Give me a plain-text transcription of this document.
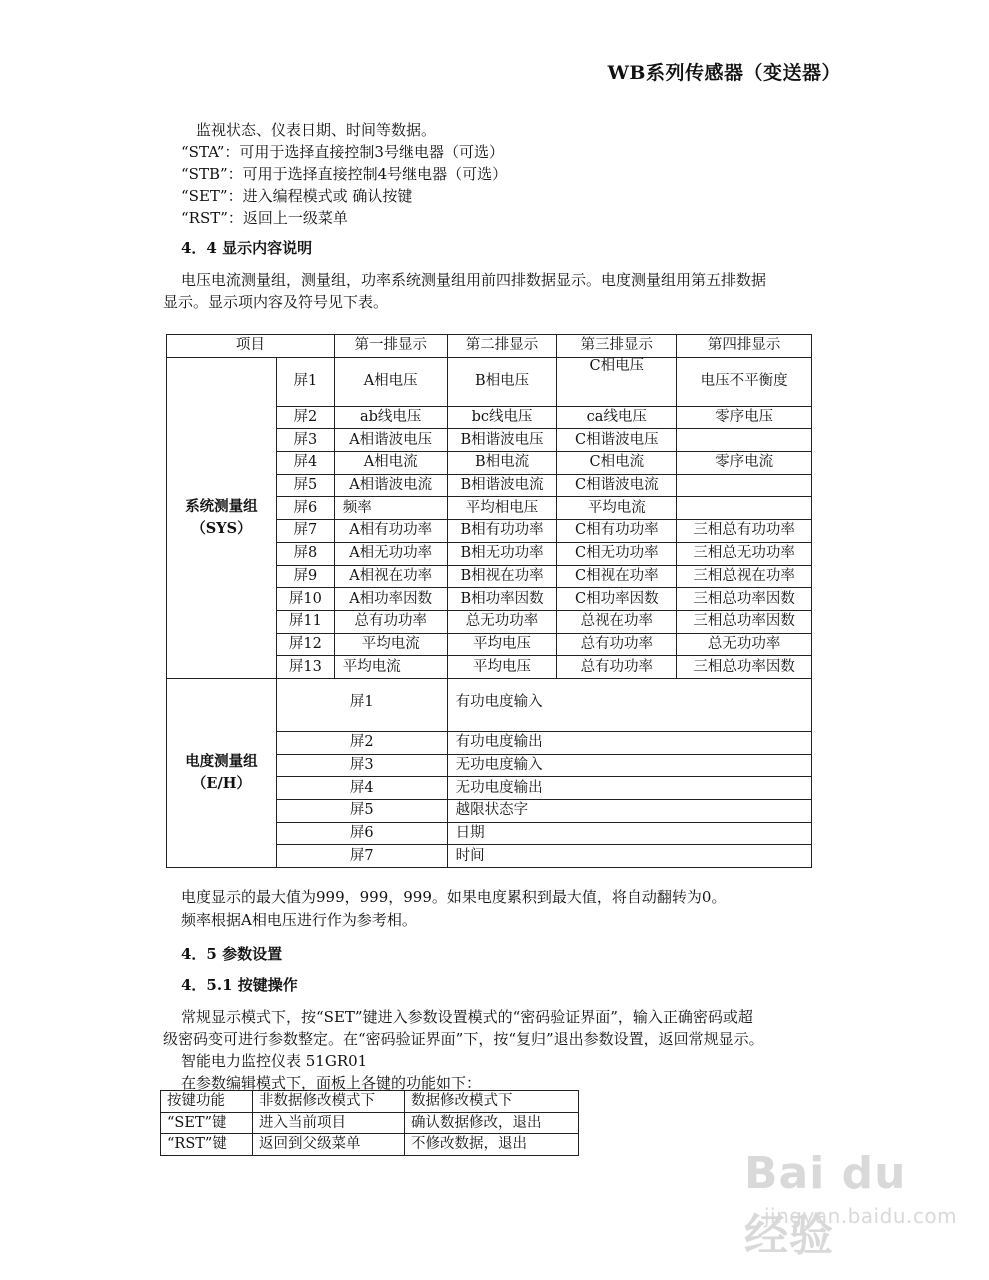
WB系列传感器（变送器）
监视状态、仪表日期、时间等数据。
“STA”：可用于选择直接控制3号继电器（可选）
“STB”：可用于选择直接控制4号继电器（可选）
“SET”：进入编程模式或 确认按键
“RST”：返回上一级菜单
4．4 显示内容说明
电压电流测量组，测量组，功率系统测量组用前四排数据显示。电度测量组用第五排数据
显示。显示项内容及符号见下表。
项目		第一排显示	第二排显示	第三排显示	第四排显示
系统测量组
（SYS）	屏1	A相电压	B相电压	C相电压	电压不平衡度
	屏2	ab线电压	bc线电压	ca线电压	零序电压
	屏3	A相谐波电压	B相谐波电压	C相谐波电压	
	屏4	A相电流	B相电流	C相电流	零序电流
	屏5	A相谐波电流	B相谐波电流	C相谐波电流	
	屏6	频率	平均相电压	平均电流	
	屏7	A相有功功率	B相有功功率	C相有功功率	三相总有功功率
	屏8	A相无功功率	B相无功功率	C相无功功率	三相总无功功率
	屏9	A相视在功率	B相视在功率	C相视在功率	三相总视在功率
	屏10	A相功率因数	B相功率因数	C相功率因数	三相总功率因数
	屏11	总有功功率	总无功功率	总视在功率	三相总功率因数
	屏12	平均电流	平均电压	总有功功率	总无功功率
	屏13	平均电流	平均电压	总有功功率	三相总功率因数
电度测量组
（E/H）	屏1		有功电度输入		
	屏2		有功电度输出		
	屏3		无功电度输入		
	屏4		无功电度输出		
	屏5		越限状态字		
	屏6		日期		
	屏7		时间		
电度显示的最大值为999，999，999。如果电度累积到最大值，将自动翻转为0。
频率根据A相电压进行作为参考相。
4．5 参数设置
4．5.1 按键操作
常规显示模式下，按“SET”键进入参数设置模式的“密码验证界面”，输入正确密码或超
级密码变可进行参数整定。在“密码验证界面”下，按“复归”退出参数设置，返回常规显示。
智能电力监控仪表 51GR01
在参数编辑模式下，面板上各键的功能如下：
按键功能	非数据修改模式下	数据修改模式下
“SET”键	进入当前项目	确认数据修改，退出
“RST”键	返回到父级菜单	不修改数据，退出
Bai du 经验
jingyan.baidu.com
